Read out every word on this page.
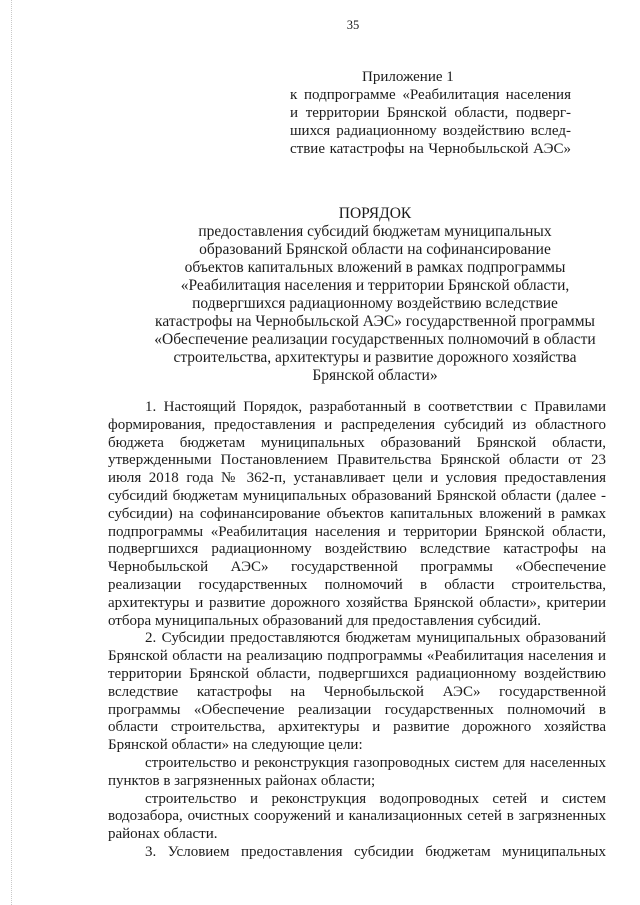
35
Приложение 1
к подпрограмме «Реабилитация населения
и территории Брянской области, подверг-
шихся радиационному воздействию вслед-
ствие катастрофы на Чернобыльской АЭС»
ПОРЯДОК
предоставления субсидий бюджетам муниципальных
образований Брянской области на софинансирование
объектов капитальных вложений в рамках подпрограммы
«Реабилитация населения и территории Брянской области,
подвергшихся радиационному воздействию вследствие
катастрофы на Чернобыльской АЭС» государственной программы
«Обеспечение реализации государственных полномочий в области
строительства, архитектуры и развитие дорожного хозяйства
Брянской области»
1. Настоящий Порядок, разработанный в соответствии с Правилами
формирования, предоставления и распределения субсидий из областного
бюджета бюджетам муниципальных образований Брянской области,
утвержденными Постановлением Правительства Брянской области от 23
июля 2018 года № 362-п, устанавливает цели и условия предоставления
субсидий бюджетам муниципальных образований Брянской области (далее -
субсидии) на софинансирование объектов капитальных вложений в рамках
подпрограммы «Реабилитация населения и территории Брянской области,
подвергшихся радиационному воздействию вследствие катастрофы на
Чернобыльской АЭС» государственной программы «Обеспечение
реализации государственных полномочий в области строительства,
архитектуры и развитие дорожного хозяйства Брянской области», критерии
отбора муниципальных образований для предоставления субсидий.
2. Субсидии предоставляются бюджетам муниципальных образований
Брянской области на реализацию подпрограммы «Реабилитация населения и
территории Брянской области, подвергшихся радиационному воздействию
вследствие катастрофы на Чернобыльской АЭС» государственной
программы «Обеспечение реализации государственных полномочий в
области строительства, архитектуры и развитие дорожного хозяйства
Брянской области» на следующие цели:
строительство и реконструкция газопроводных систем для населенных
пунктов в загрязненных районах области;
строительство и реконструкция водопроводных сетей и систем
водозабора, очистных сооружений и канализационных сетей в загрязненных
районах области.
3. Условием предоставления субсидии бюджетам муниципальных
